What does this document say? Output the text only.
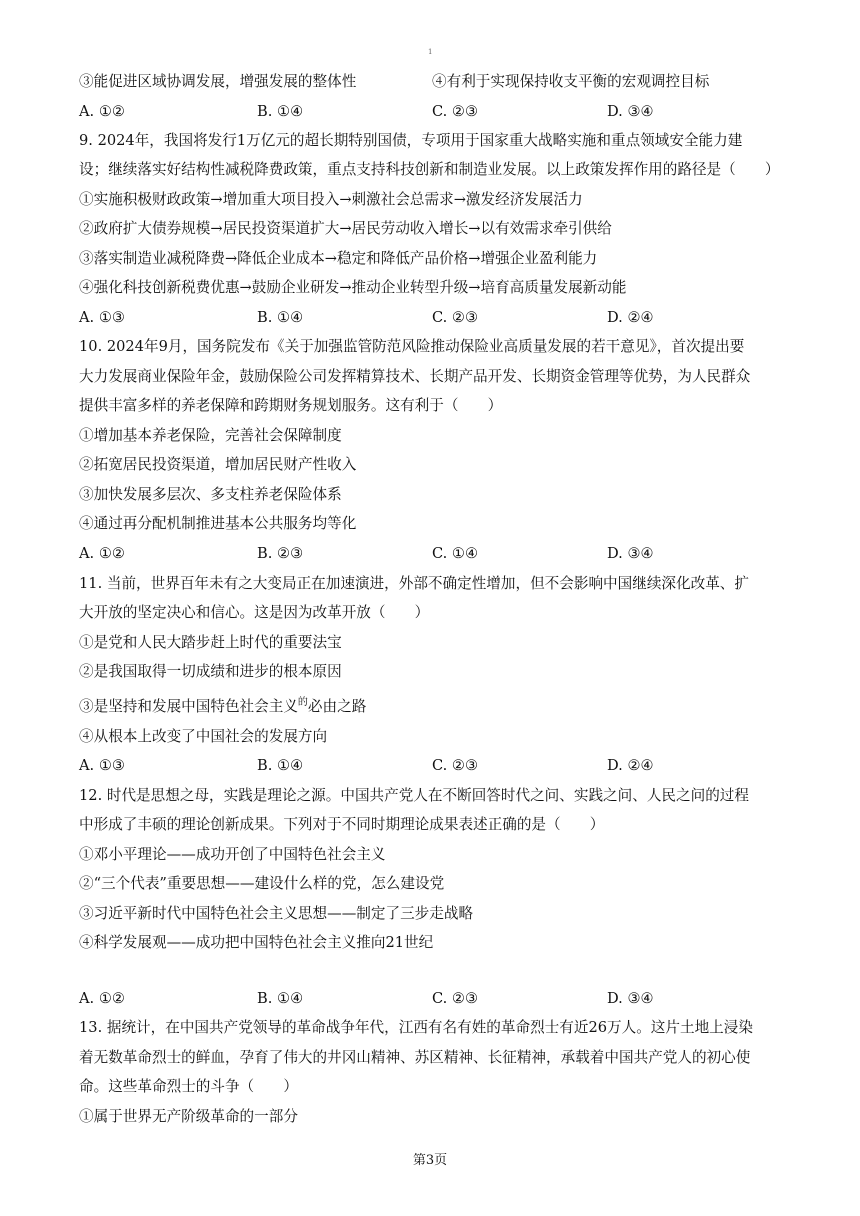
1
③能促进区域协调发展，增强发展的整体性	④有利于实现保持收支平衡的宏观调控目标
A. ①②	B. ①④	C. ②③	D. ③④
9. 2024年，我国将发行1万亿元的超长期特别国债，专项用于国家重大战略实施和重点领域安全能力建
设；继续落实好结构性减税降费政策，重点支持科技创新和制造业发展。以上政策发挥作用的路径是（　　）
①实施积极财政政策→增加重大项目投入→刺激社会总需求→激发经济发展活力
②政府扩大债券规模→居民投资渠道扩大→居民劳动收入增长→以有效需求牵引供给
③落实制造业减税降费→降低企业成本→稳定和降低产品价格→增强企业盈利能力
④强化科技创新税费优惠→鼓励企业研发→推动企业转型升级→培育高质量发展新动能
A. ①③	B. ①④	C. ②③	D. ②④
10. 2024年9月，国务院发布《关于加强监管防范风险推动保险业高质量发展的若干意见》，首次提出要
大力发展商业保险年金，鼓励保险公司发挥精算技术、长期产品开发、长期资金管理等优势，为人民群众
提供丰富多样的养老保障和跨期财务规划服务。这有利于（　　）
①增加基本养老保险，完善社会保障制度
②拓宽居民投资渠道，增加居民财产性收入
③加快发展多层次、多支柱养老保险体系
④通过再分配机制推进基本公共服务均等化
A. ①②	B. ②③	C. ①④	D. ③④
11. 当前，世界百年未有之大变局正在加速演进，外部不确定性增加，但不会影响中国继续深化改革、扩
大开放的坚定决心和信心。这是因为改革开放（　　）
①是党和人民大踏步赶上时代的重要法宝
②是我国取得一切成绩和进步的根本原因
③是坚持和发展中国特色社会主义$^的$必由之路
④从根本上改变了中国社会的发展方向
A. ①③	B. ①④	C. ②③	D. ②④
12. 时代是思想之母，实践是理论之源。中国共产党人在不断回答时代之问、实践之问、人民之问的过程
中形成了丰硕的理论创新成果。下列对于不同时期理论成果表述正确的是（　　）
①邓小平理论——成功开创了中国特色社会主义
②“三个代表”重要思想——建设什么样的党，怎么建设党
③习近平新时代中国特色社会主义思想——制定了三步走战略
④科学发展观——成功把中国特色社会主义推向21世纪
A. ①②	B. ①④	C. ②③	D. ③④
13. 据统计，在中国共产党领导的革命战争年代，江西有名有姓的革命烈士有近26万人。这片土地上浸染
着无数革命烈士的鲜血，孕育了伟大的井冈山精神、苏区精神、长征精神，承载着中国共产党人的初心使
命。这些革命烈士的斗争（　　）
①属于世界无产阶级革命的一部分
第3页
